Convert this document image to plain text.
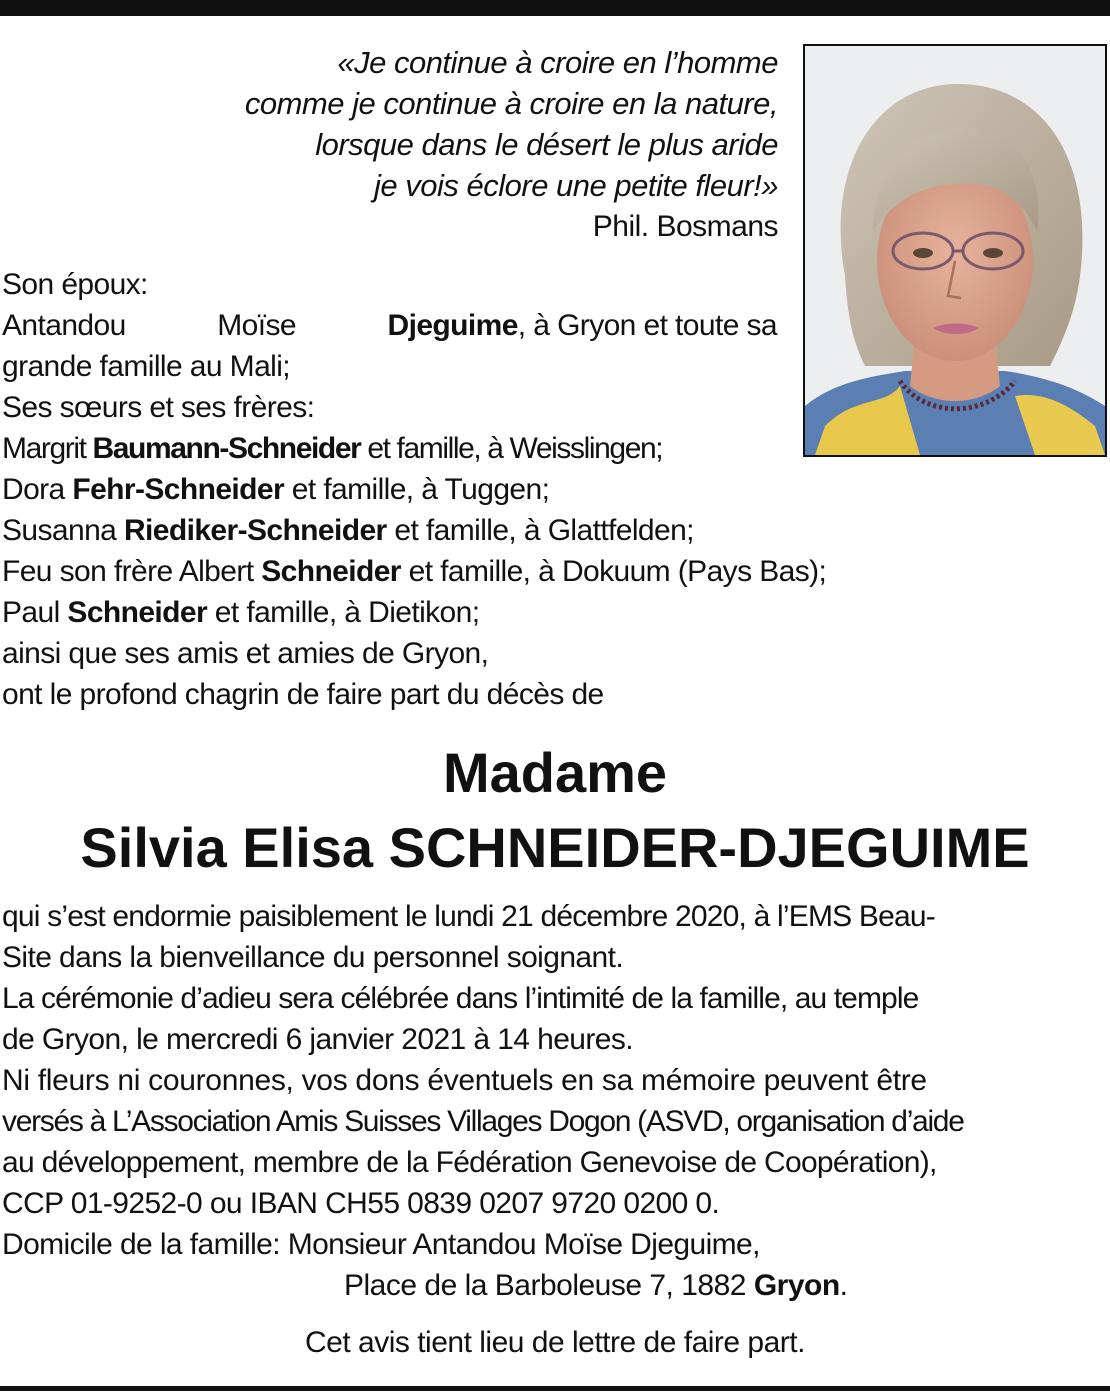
«Je continue à croire en l’homme
comme je continue à croire en la nature,
lorsque dans le désert le plus aride
je vois éclore une petite fleur!»
Phil. Bosmans
Son époux:
Antandou	Moïse	Djeguime, à Gryon et toute sa
grande famille au Mali;
Ses sœurs et ses frères:
Margrit Baumann-Schneider et famille, à Weisslingen;
Dora Fehr-Schneider et famille, à Tuggen;
Susanna Riediker-Schneider et famille, à Glattfelden;
Feu son frère Albert Schneider et famille, à Dokuum (Pays Bas);
Paul Schneider et famille, à Dietikon;
ainsi que ses amis et amies de Gryon,
ont le profond chagrin de faire part du décès de
Madame
Silvia Elisa SCHNEIDER-DJEGUIME
qui s’est endormie paisiblement le lundi 21 décembre 2020, à l’EMS Beau-
Site dans la bienveillance du personnel soignant.
La cérémonie d’adieu sera célébrée dans l’intimité de la famille, au temple
de Gryon, le mercredi 6 janvier 2021 à 14 heures.
Ni fleurs ni couronnes, vos dons éventuels en sa mémoire peuvent être
versés à L’Association Amis Suisses Villages Dogon (ASVD, organisation d’aide
au développement, membre de la Fédération Genevoise de Coopération),
CCP 01-9252-0 ou IBAN CH55 0839 0207 9720 0200 0.
Domicile de la famille: Monsieur Antandou Moïse Djeguime,
Place de la Barboleuse 7, 1882 Gryon.
Cet avis tient lieu de lettre de faire part.
